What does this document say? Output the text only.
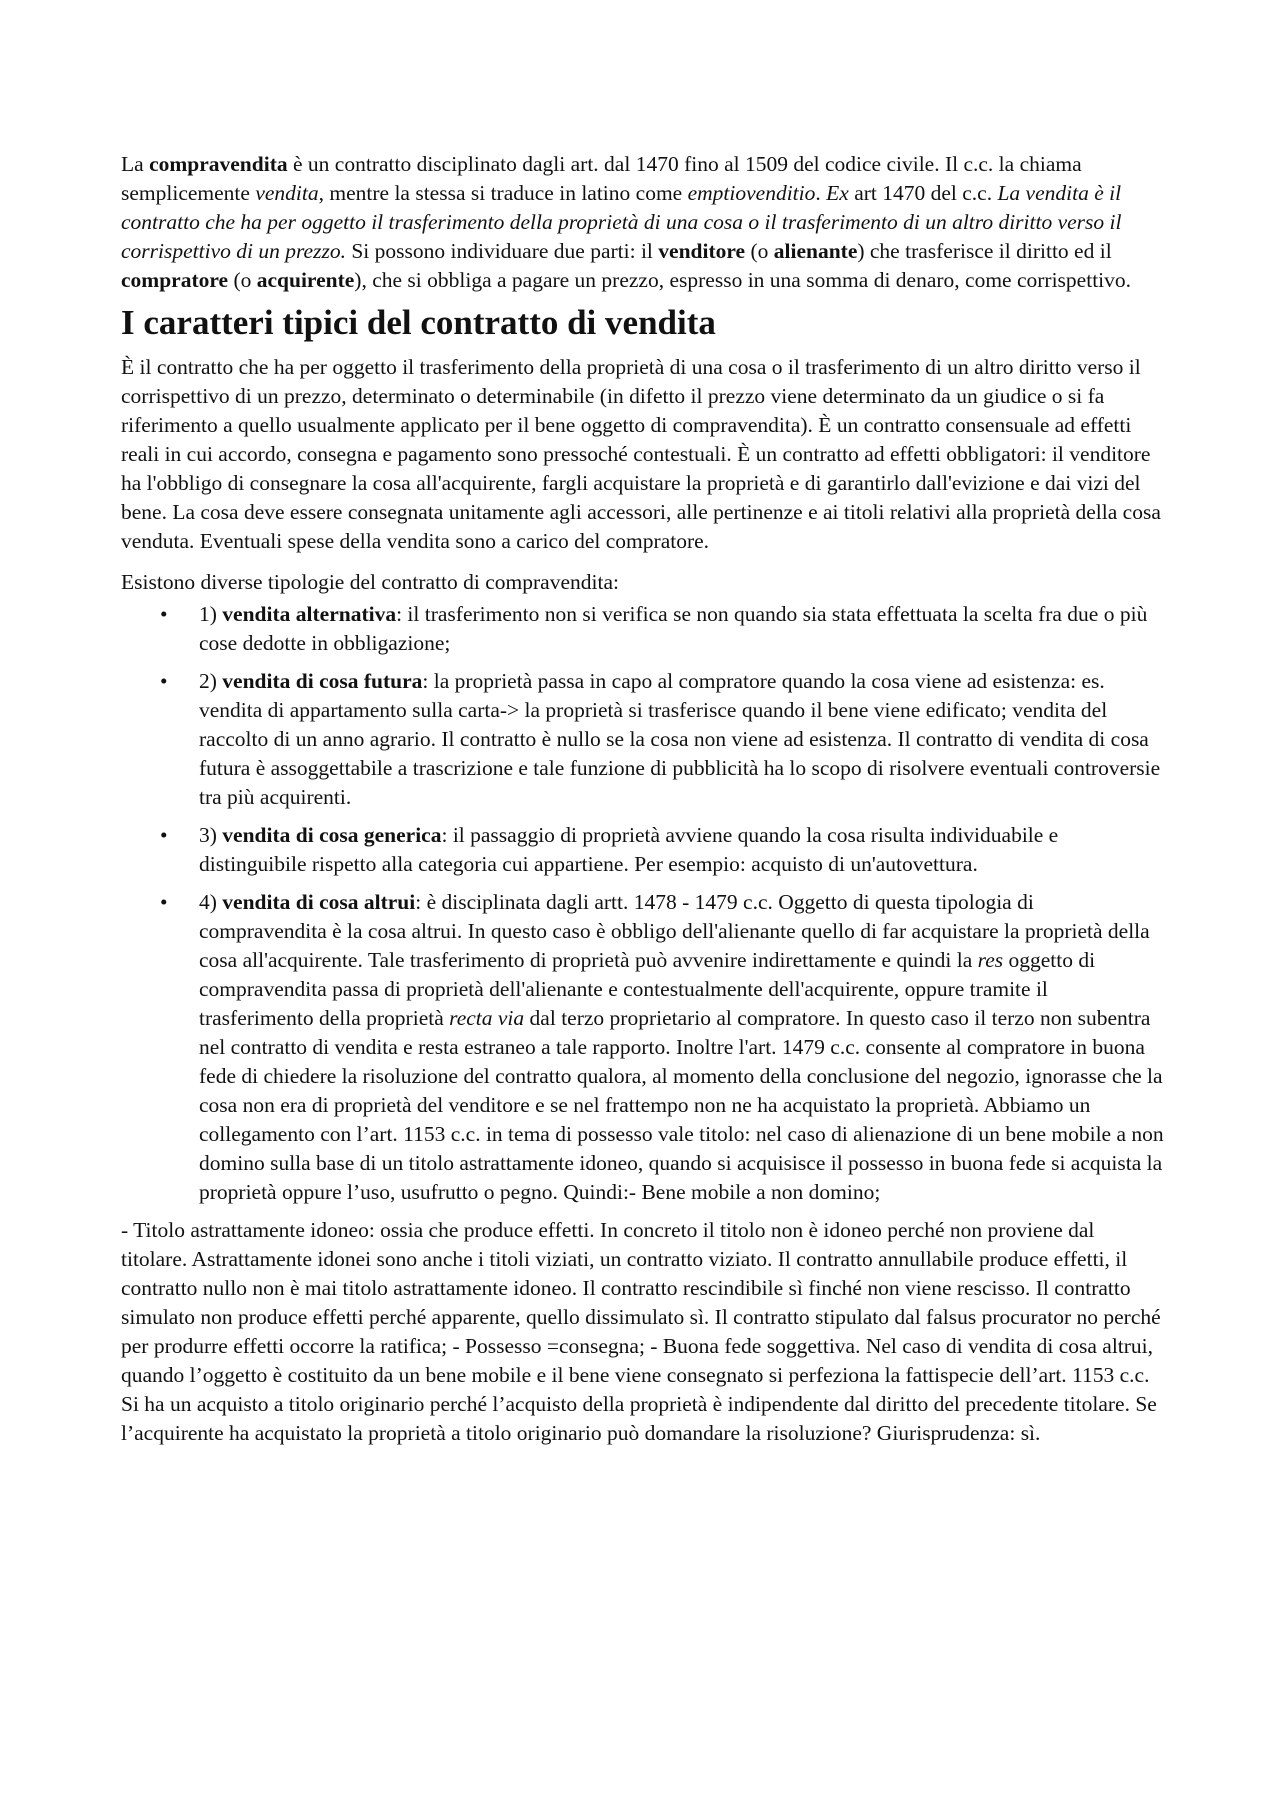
La compravendita è un contratto disciplinato dagli art. dal 1470 fino al 1509 del codice civile. Il c.c. la chiama semplicemente vendita, mentre la stessa si traduce in latino come emptiovenditio. Ex art 1470 del c.c. La vendita è il contratto che ha per oggetto il trasferimento della proprietà di una cosa o il trasferimento di un altro diritto verso il corrispettivo di un prezzo. Si possono individuare due parti: il venditore (o alienante) che trasferisce il diritto ed il compratore (o acquirente), che si obbliga a pagare un prezzo, espresso in una somma di denaro, come corrispettivo.

I caratteri tipici del contratto di vendita

È il contratto che ha per oggetto il trasferimento della proprietà di una cosa o il trasferimento di un altro diritto verso il corrispettivo di un prezzo, determinato o determinabile (in difetto il prezzo viene determinato da un giudice o si fa riferimento a quello usualmente applicato per il bene oggetto di compravendita). È un contratto consensuale ad effetti reali in cui accordo, consegna e pagamento sono pressoché contestuali. È un contratto ad effetti obbligatori: il venditore ha l'obbligo di consegnare la cosa all'acquirente, fargli acquistare la proprietà e di garantirlo dall'evizione e dai vizi del bene. La cosa deve essere consegnata unitamente agli accessori, alle pertinenze e ai titoli relativi alla proprietà della cosa venduta. Eventuali spese della vendita sono a carico del compratore.

Esistono diverse tipologie del contratto di compravendita:

• 1) vendita alternativa: il trasferimento non si verifica se non quando sia stata effettuata la scelta fra due o più cose dedotte in obbligazione;
• 2) vendita di cosa futura: la proprietà passa in capo al compratore quando la cosa viene ad esistenza: es. vendita di appartamento sulla carta-> la proprietà si trasferisce quando il bene viene edificato; vendita del raccolto di un anno agrario. Il contratto è nullo se la cosa non viene ad esistenza. Il contratto di vendita di cosa futura è assoggettabile a trascrizione e tale funzione di pubblicità ha lo scopo di risolvere eventuali controversie tra più acquirenti.
• 3) vendita di cosa generica: il passaggio di proprietà avviene quando la cosa risulta individuabile e distinguibile rispetto alla categoria cui appartiene. Per esempio: acquisto di un'autovettura.
• 4) vendita di cosa altrui: è disciplinata dagli artt. 1478 - 1479 c.c. Oggetto di questa tipologia di compravendita è la cosa altrui. In questo caso è obbligo dell'alienante quello di far acquistare la proprietà della cosa all'acquirente. Tale trasferimento di proprietà può avvenire indirettamente e quindi la res oggetto di compravendita passa di proprietà dell'alienante e contestualmente dell'acquirente, oppure tramite il trasferimento della proprietà recta via dal terzo proprietario al compratore. In questo caso il terzo non subentra nel contratto di vendita e resta estraneo a tale rapporto. Inoltre l'art. 1479 c.c. consente al compratore in buona fede di chiedere la risoluzione del contratto qualora, al momento della conclusione del negozio, ignorasse che la cosa non era di proprietà del venditore e se nel frattempo non ne ha acquistato la proprietà. Abbiamo un collegamento con l’art. 1153 c.c. in tema di possesso vale titolo: nel caso di alienazione di un bene mobile a non domino sulla base di un titolo astrattamente idoneo, quando si acquisisce il possesso in buona fede si acquista la proprietà oppure l’uso, usufrutto o pegno. Quindi:- Bene mobile a non domino;

- Titolo astrattamente idoneo: ossia che produce effetti. In concreto il titolo non è idoneo perché non proviene dal titolare. Astrattamente idonei sono anche i titoli viziati, un contratto viziato. Il contratto annullabile produce effetti, il contratto nullo non è mai titolo astrattamente idoneo. Il contratto rescindibile sì finché non viene rescisso. Il contratto simulato non produce effetti perché apparente, quello dissimulato sì. Il contratto stipulato dal falsus procurator no perché per produrre effetti occorre la ratifica; - Possesso =consegna; - Buona fede soggettiva. Nel caso di vendita di cosa altrui, quando l’oggetto è costituito da un bene mobile e il bene viene consegnato si perfeziona la fattispecie dell’art. 1153 c.c. Si ha un acquisto a titolo originario perché l’acquisto della proprietà è indipendente dal diritto del precedente titolare. Se l’acquirente ha acquistato la proprietà a titolo originario può domandare la risoluzione? Giurisprudenza: sì.
